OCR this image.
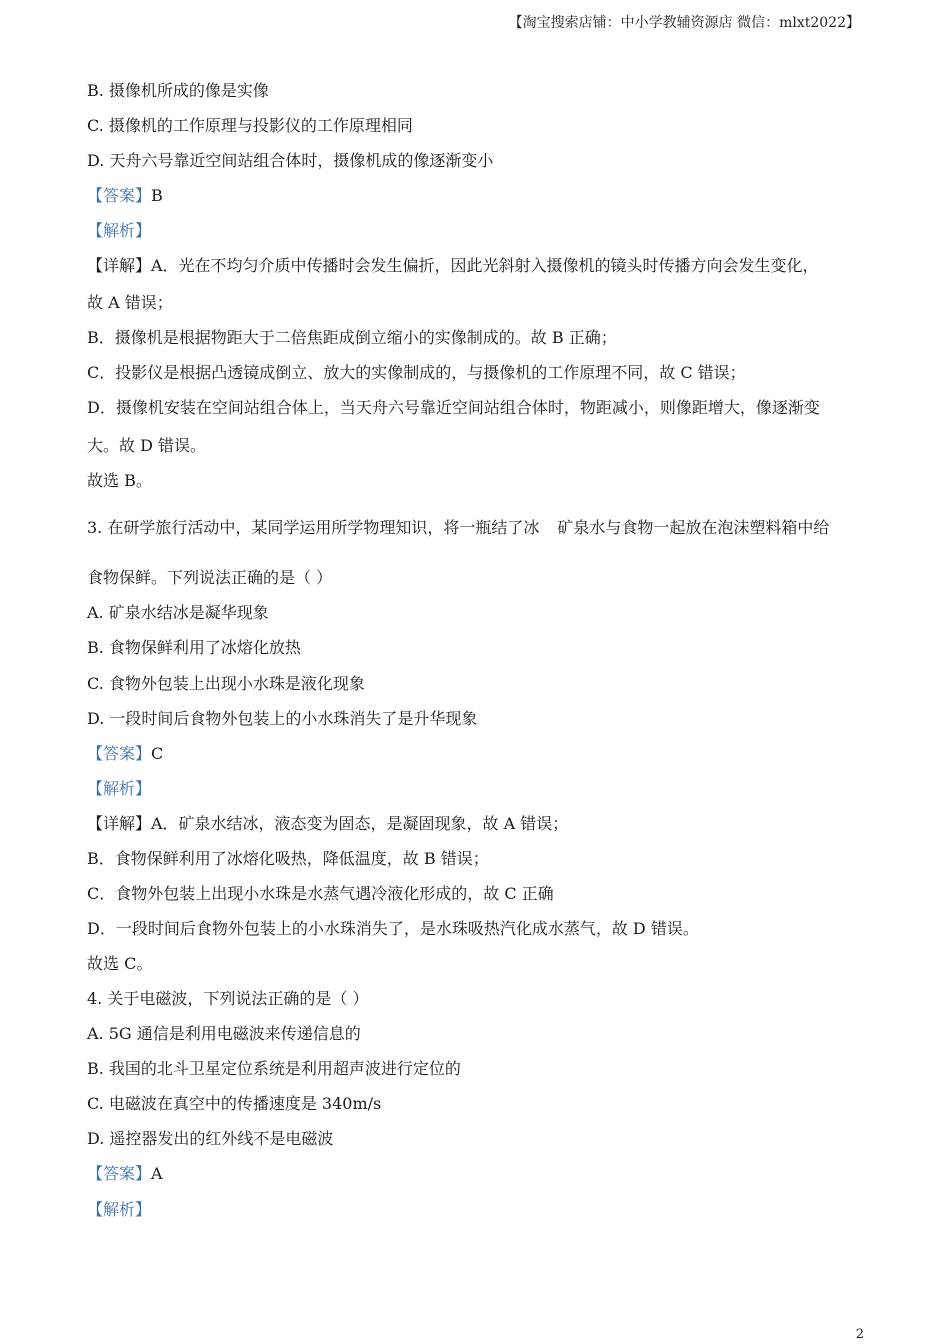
【淘宝搜索店铺：中小学教辅资源店 微信：mlxt2022】
B. 摄像机所成的像是实像
C. 摄像机的工作原理与投影仪的工作原理相同
D. 天舟六号靠近空间站组合体时，摄像机成的像逐渐变小
【答案】B
【解析】
【详解】A．光在不均匀介质中传播时会发生偏折，因此光斜射入摄像机的镜头时传播方向会发生变化，
故 A 错误；
B．摄像机是根据物距大于二倍焦距成倒立缩小的实像制成的。故 B 正确；
C．投影仪是根据凸透镜成倒立、放大的实像制成的，与摄像机的工作原理不同，故 C 错误；
D．摄像机安装在空间站组合体上，当天舟六号靠近空间站组合体时，物距减小，则像距增大，像逐渐变
大。故 D 错误。
故选 B。
3. 在研学旅行活动中，某同学运用所学物理知识，将一瓶结了冰 矿泉水与食物一起放在泡沫塑料箱中给
食物保鲜。下列说法正确的是（ ）
A. 矿泉水结冰是凝华现象
B. 食物保鲜利用了冰熔化放热
C. 食物外包装上出现小水珠是液化现象
D. 一段时间后食物外包装上的小水珠消失了是升华现象
【答案】C
【解析】
【详解】A．矿泉水结冰，液态变为固态，是凝固现象，故 A 错误；
B．食物保鲜利用了冰熔化吸热，降低温度，故 B 错误；
C．食物外包装上出现小水珠是水蒸气遇冷液化形成的，故 C 正确
D．一段时间后食物外包装上的小水珠消失了，是水珠吸热汽化成水蒸气，故 D 错误。
故选 C。
4. 关于电磁波，下列说法正确的是（ ）
A. 5G 通信是利用电磁波来传递信息的
B. 我国的北斗卫星定位系统是利用超声波进行定位的
C. 电磁波在真空中的传播速度是 340m/s
D. 遥控器发出的红外线不是电磁波
【答案】A
【解析】
2
